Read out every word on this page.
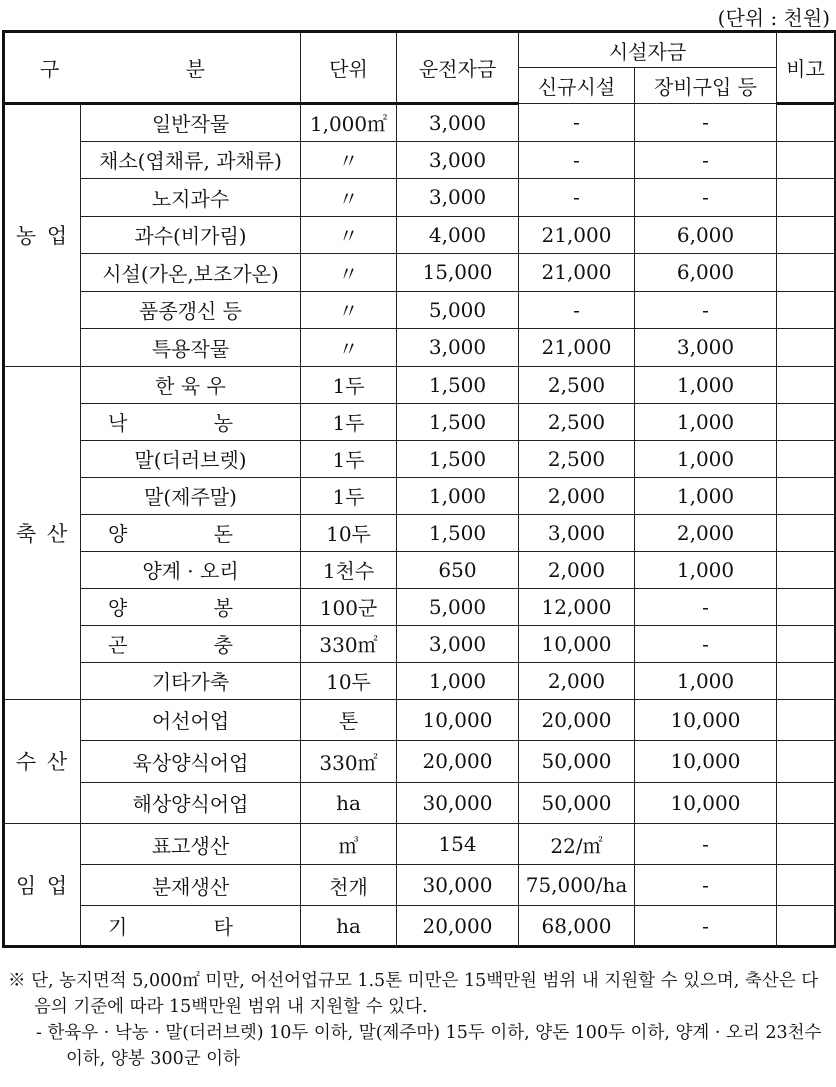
(단위 : 천원)
구 분		단위	운전자금	시설자금		비고
				신규시설	장비구입 등	
농 업	일반작물	1,000㎡	3,000	-	-	
	채소(엽채류, 과채류)	〃	3,000	-	-	
	노지과수	〃	3,000	-	-	
	과수(비가림)	〃	4,000	21,000	6,000	
	시설(가온,보조가온)	〃	15,000	21,000	6,000	
	품종갱신 등	〃	5,000	-	-	
	특용작물	〃	3,000	21,000	3,000	
축 산	한 육 우	1두	1,500	2,500	1,000	
	낙 농	1두	1,500	2,500	1,000	
	말(더러브렛)	1두	1,500	2,500	1,000	
	말(제주말)	1두	1,000	2,000	1,000	
	양 돈	10두	1,500	3,000	2,000	
	양계 · 오리	1천수	650	2,000	1,000	
	양 봉	100군	5,000	12,000	-	
	곤 충	330㎡	3,000	10,000	-	
	기타가축	10두	1,000	2,000	1,000	
수 산	어선어업	톤	10,000	20,000	10,000	
	육상양식어업	330㎡	20,000	50,000	10,000	
	해상양식어업	ha	30,000	50,000	10,000	
임 업	표고생산	㎥	154	22/㎡	-	
	분재생산	천개	30,000	75,000/ha	-	
	기 타	ha	20,000	68,000	-	

※ 단, 농지면적 5,000㎡ 미만, 어선어업규모 1.5톤 미만은 15백만원 범위 내 지원할 수 있으며, 축산은 다음의 기준에 따라 15백만원 범위 내 지원할 수 있다.

- 한육우 · 낙농 · 말(더러브렛) 10두 이하, 말(제주마) 15두 이하, 양돈 100두 이하, 양계 · 오리 23천수 이하, 양봉 300군 이하
